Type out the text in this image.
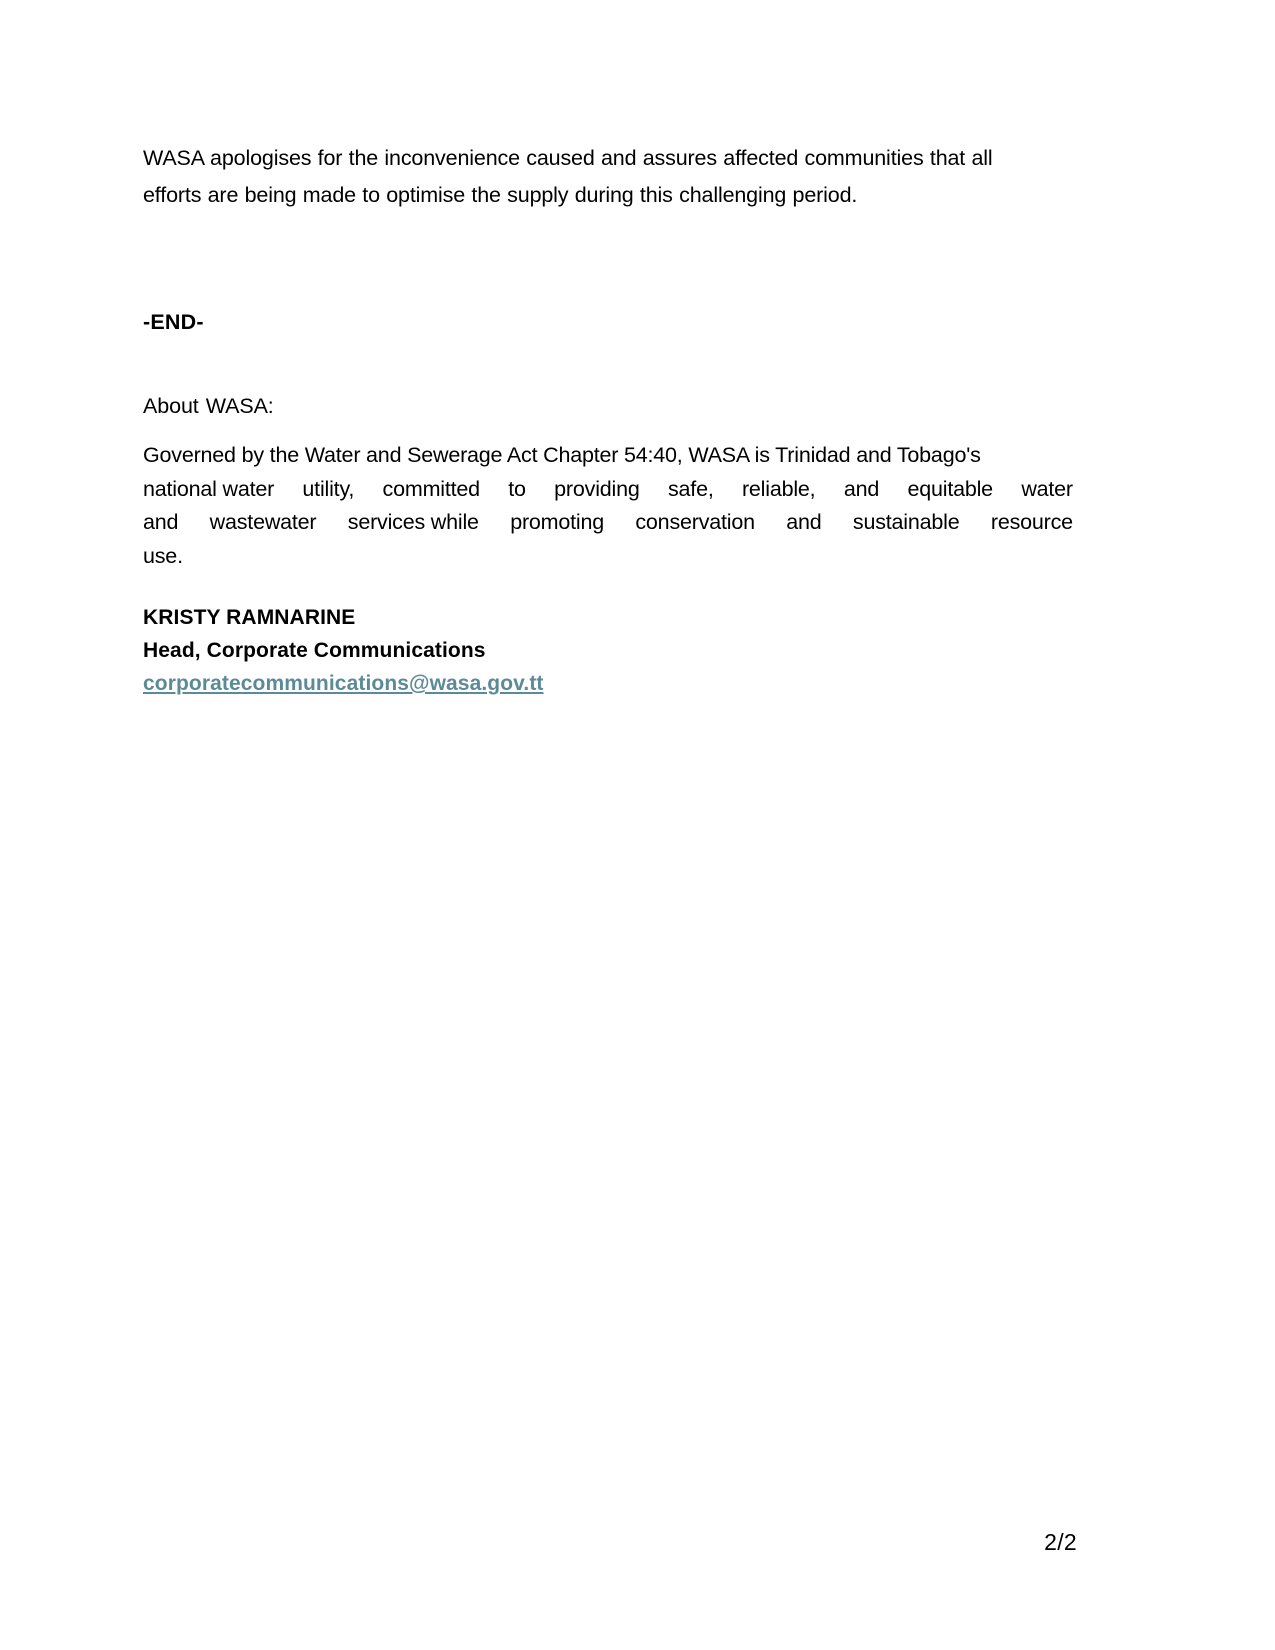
WASA apologises for the inconvenience caused and assures affected communities that all
efforts are being made to optimise the supply during this challenging period.

-END-

About WASA:

Governed by the Water and Sewerage Act Chapter 54:40, WASA is Trinidad and Tobago's
national water utility, committed to providing safe, reliable, and equitable water
and wastewater services while promoting conservation and sustainable resource
use.

KRISTY RAMNARINE

Head, Corporate Communications

corporatecommunications@wasa.gov.tt
2/2
